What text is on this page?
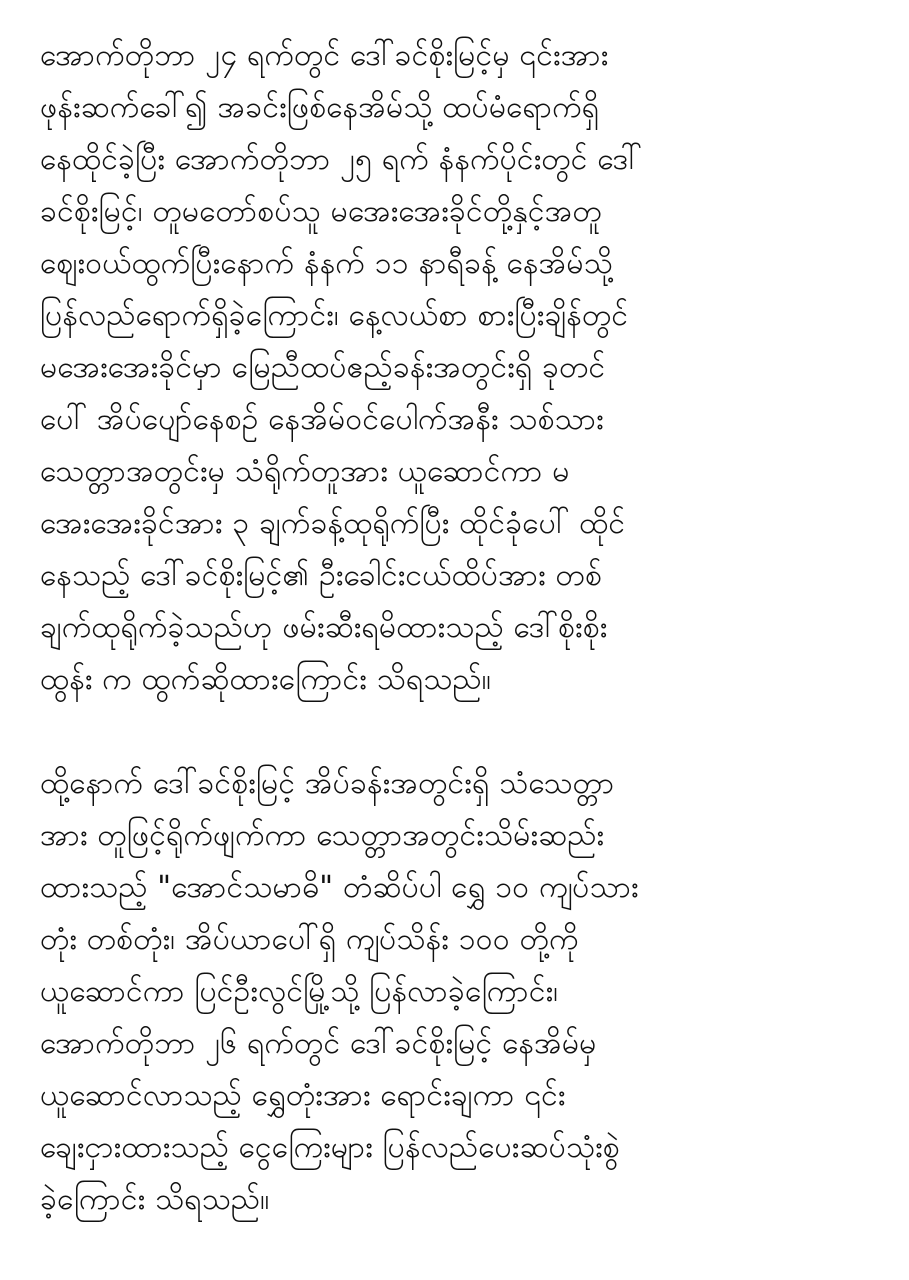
အောက်တိုဘာ ၂၄ ရက်တွင် ဒေါ်ခင်စိုးမြင့်မှ ၎င်းအား
ဖုန်းဆက်ခေါ်၍ အခင်းဖြစ်နေအိမ်သို့ ထပ်မံရောက်ရှိ
နေထိုင်ခဲ့ပြီး အောက်တိုဘာ ၂၅ ရက် နံနက်ပိုင်းတွင် ဒေါ်
ခင်စိုးမြင့်၊ တူမတော်စပ်သူ မအေးအေးခိုင်တို့နှင့်အတူ
ဈေးဝယ်ထွက်ပြီးနောက် နံနက် ၁၁ နာရီခန့် နေအိမ်သို့
ပြန်လည်ရောက်ရှိခဲ့ကြောင်း၊ နေ့လယ်စာ စားပြီးချိန်တွင်
မအေးအေးခိုင်မှာ မြေညီထပ်ဧည့်ခန်းအတွင်းရှိ ခုတင်
ပေါ် အိပ်ပျော်နေစဉ် နေအိမ်ဝင်ပေါက်အနီး သစ်သား
သေတ္တာအတွင်းမှ သံရိုက်တူအား ယူဆောင်ကာ မ
အေးအေးခိုင်အား ၃ ချက်ခန့်ထုရိုက်ပြီး ထိုင်ခုံပေါ် ထိုင်
နေသည့် ဒေါ်ခင်စိုးမြင့်၏ ဦးခေါင်းငယ်ထိပ်အား တစ်
ချက်ထုရိုက်ခဲ့သည်ဟု ဖမ်းဆီးရမိထားသည့် ဒေါ်စိုးစိုး
ထွန်း က ထွက်ဆိုထားကြောင်း သိရသည်။
ထို့နောက် ဒေါ်ခင်စိုးမြင့် အိပ်ခန်းအတွင်းရှိ သံသေတ္တာ
အား တူဖြင့်ရိုက်ဖျက်ကာ သေတ္တာအတွင်းသိမ်းဆည်း
ထားသည့် "အောင်သမာဓိ" တံဆိပ်ပါ ရွှေ ၁၀ ကျပ်သား
တုံး တစ်တုံး၊ အိပ်ယာပေါ်ရှိ ကျပ်သိန်း ၁၀၀ တို့ကို
ယူဆောင်ကာ ပြင်ဦးလွင်မြို့သို့ ပြန်လာခဲ့ကြောင်း၊
အောက်တိုဘာ ၂၆ ရက်တွင် ဒေါ်ခင်စိုးမြင့် နေအိမ်မှ
ယူဆောင်လာသည့် ရွှေတုံးအား ရောင်းချကာ ၎င်း
ချေးငှားထားသည့် ငွေကြေးများ ပြန်လည်ပေးဆပ်သုံးစွဲ
ခဲ့ကြောင်း သိရသည်။
